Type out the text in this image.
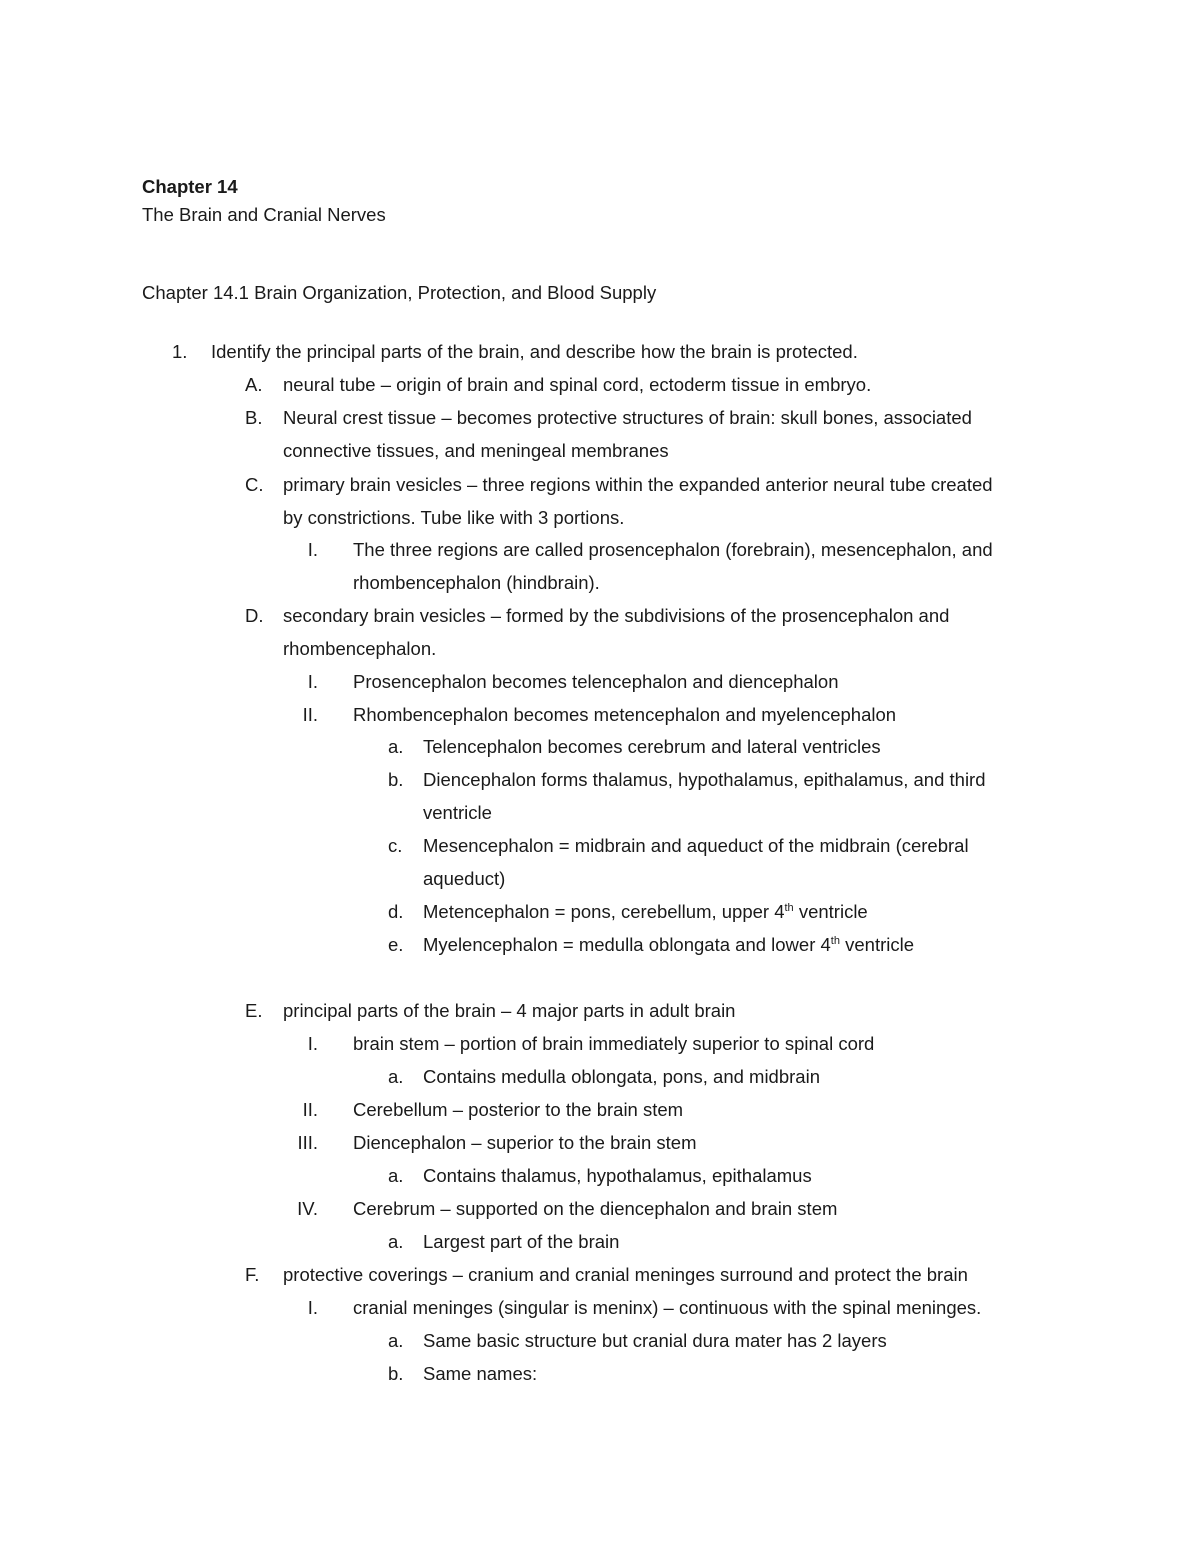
Chapter 14
The Brain and Cranial Nerves
Chapter 14.1 Brain Organization, Protection, and Blood Supply
1. Identify the principal parts of the brain, and describe how the brain is protected.
A. neural tube – origin of brain and spinal cord, ectoderm tissue in embryo.
B. Neural crest tissue – becomes protective structures of brain: skull bones, associated
connective tissues, and meningeal membranes
C. primary brain vesicles – three regions within the expanded anterior neural tube created
by constrictions. Tube like with 3 portions.
I. The three regions are called prosencephalon (forebrain), mesencephalon, and
rhombencephalon (hindbrain).
D. secondary brain vesicles – formed by the subdivisions of the prosencephalon and
rhombencephalon.
I. Prosencephalon becomes telencephalon and diencephalon
II. Rhombencephalon becomes metencephalon and myelencephalon
a. Telencephalon becomes cerebrum and lateral ventricles
b. Diencephalon forms thalamus, hypothalamus, epithalamus, and third
ventricle
c. Mesencephalon = midbrain and aqueduct of the midbrain (cerebral
aqueduct)
d. Metencephalon = pons, cerebellum, upper 4th ventricle
e. Myelencephalon = medulla oblongata and lower 4th ventricle
E. principal parts of the brain – 4 major parts in adult brain
I. brain stem – portion of brain immediately superior to spinal cord
a. Contains medulla oblongata, pons, and midbrain
II. Cerebellum – posterior to the brain stem
III. Diencephalon – superior to the brain stem
a. Contains thalamus, hypothalamus, epithalamus
IV. Cerebrum – supported on the diencephalon and brain stem
a. Largest part of the brain
F. protective coverings – cranium and cranial meninges surround and protect the brain
I. cranial meninges (singular is meninx) – continuous with the spinal meninges.
a. Same basic structure but cranial dura mater has 2 layers
b. Same names:
